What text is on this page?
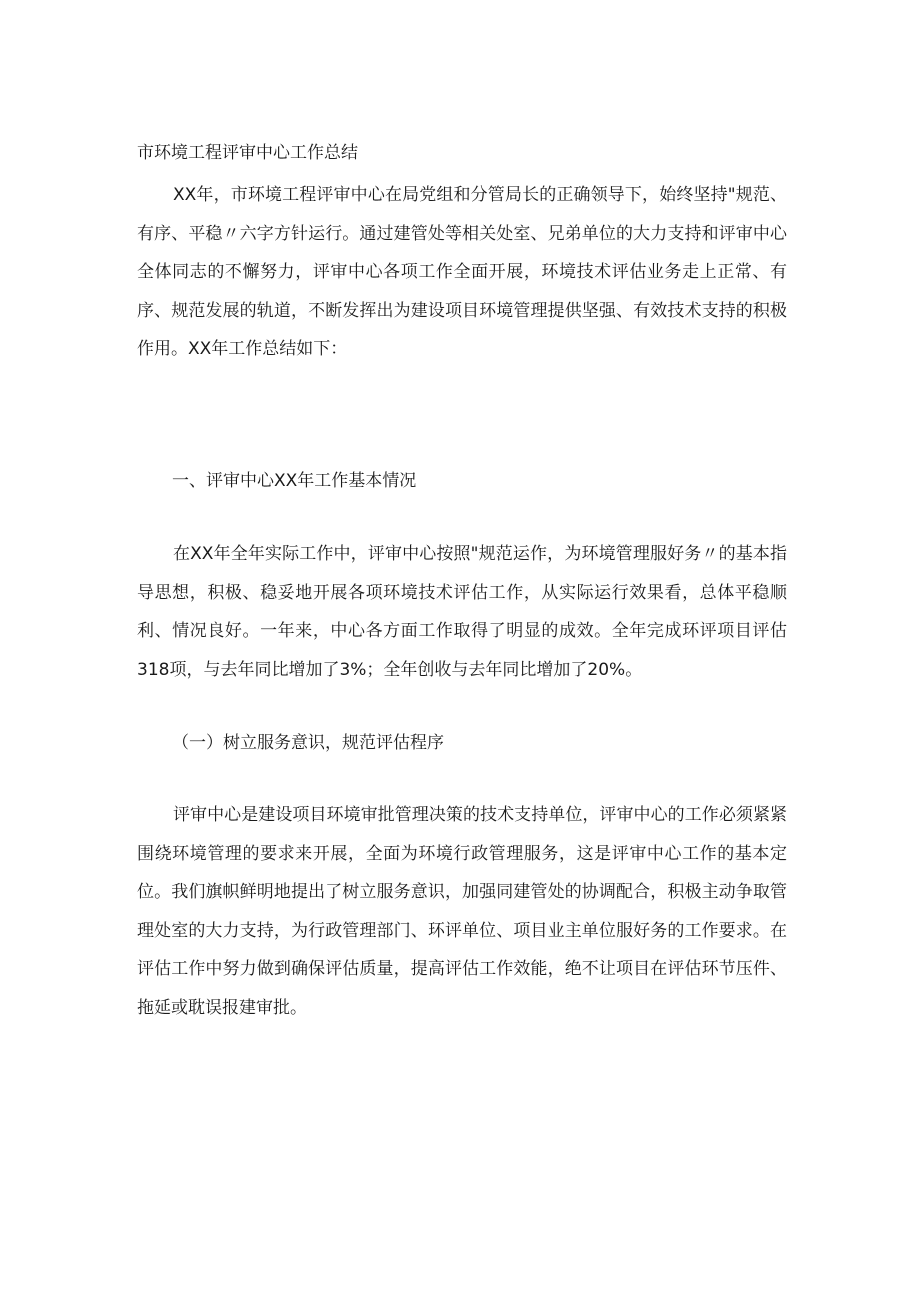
市环境工程评审中心工作总结

XX年，市环境工程评审中心在局党组和分管局长的正确领导下，始终坚持"规范、有序、平稳〃六字方针运行。通过建管处等相关处室、兄弟单位的大力支持和评审中心全体同志的不懈努力，评审中心各项工作全面开展，环境技术评估业务走上正常、有序、规范发展的轨道，不断发挥出为建设项目环境管理提供坚强、有效技术支持的积极作用。XX年工作总结如下：

一、评审中心XX年工作基本情况

在XX年全年实际工作中，评审中心按照"规范运作，为环境管理服好务〃的基本指导思想，积极、稳妥地开展各项环境技术评估工作，从实际运行效果看，总体平稳顺利、情况良好。一年来，中心各方面工作取得了明显的成效。全年完成环评项目评估318项，与去年同比增加了3%；全年创收与去年同比增加了20%。

（一）树立服务意识，规范评估程序

评审中心是建设项目环境审批管理决策的技术支持单位，评审中心的工作必须紧紧围绕环境管理的要求来开展，全面为环境行政管理服务，这是评审中心工作的基本定位。我们旗帜鲜明地提出了树立服务意识，加强同建管处的协调配合，积极主动争取管理处室的大力支持，为行政管理部门、环评单位、项目业主单位服好务的工作要求。在评估工作中努力做到确保评估质量，提高评估工作效能，绝不让项目在评估环节压件、拖延或耽误报建审批。
